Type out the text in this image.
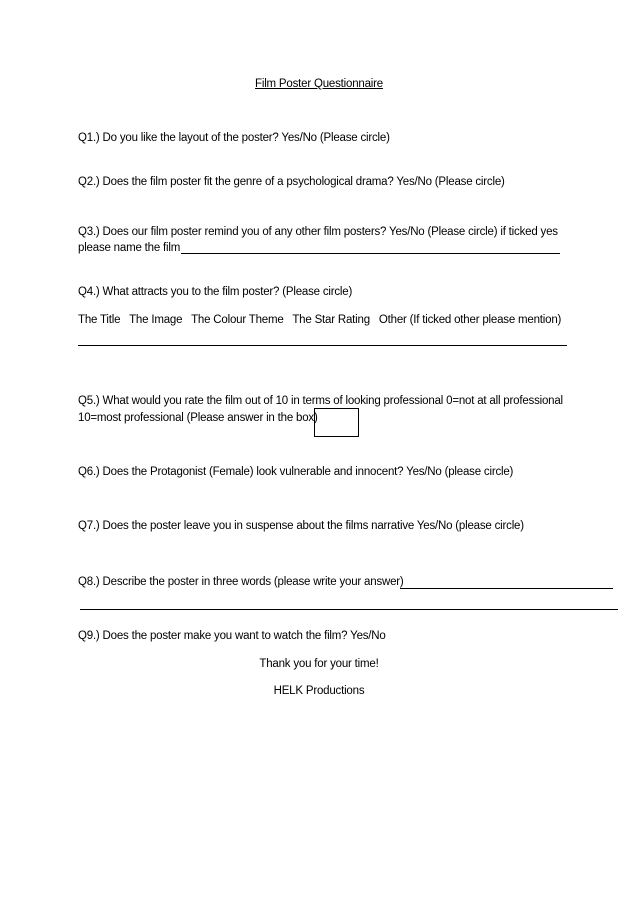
Film Poster Questionnaire
Q1.) Do you like the layout of the poster? Yes/No (Please circle)
Q2.) Does the film poster fit the genre of a psychological drama? Yes/No (Please circle)
Q3.) Does our film poster remind you of any other film posters? Yes/No (Please circle) if ticked yes
please name the film
Q4.) What attracts you to the film poster? (Please circle)
The Title The Image The Colour Theme The Star Rating Other (If ticked other please mention)
Q5.) What would you rate the film out of 10 in terms of looking professional 0=not at all professional
10=most professional (Please answer in the box)
Q6.) Does the Protagonist (Female) look vulnerable and innocent? Yes/No (please circle)
Q7.) Does the poster leave you in suspense about the films narrative Yes/No (please circle)
Q8.) Describe the poster in three words (please write your answer)
Q9.) Does the poster make you want to watch the film? Yes/No
Thank you for your time!
HELK Productions
